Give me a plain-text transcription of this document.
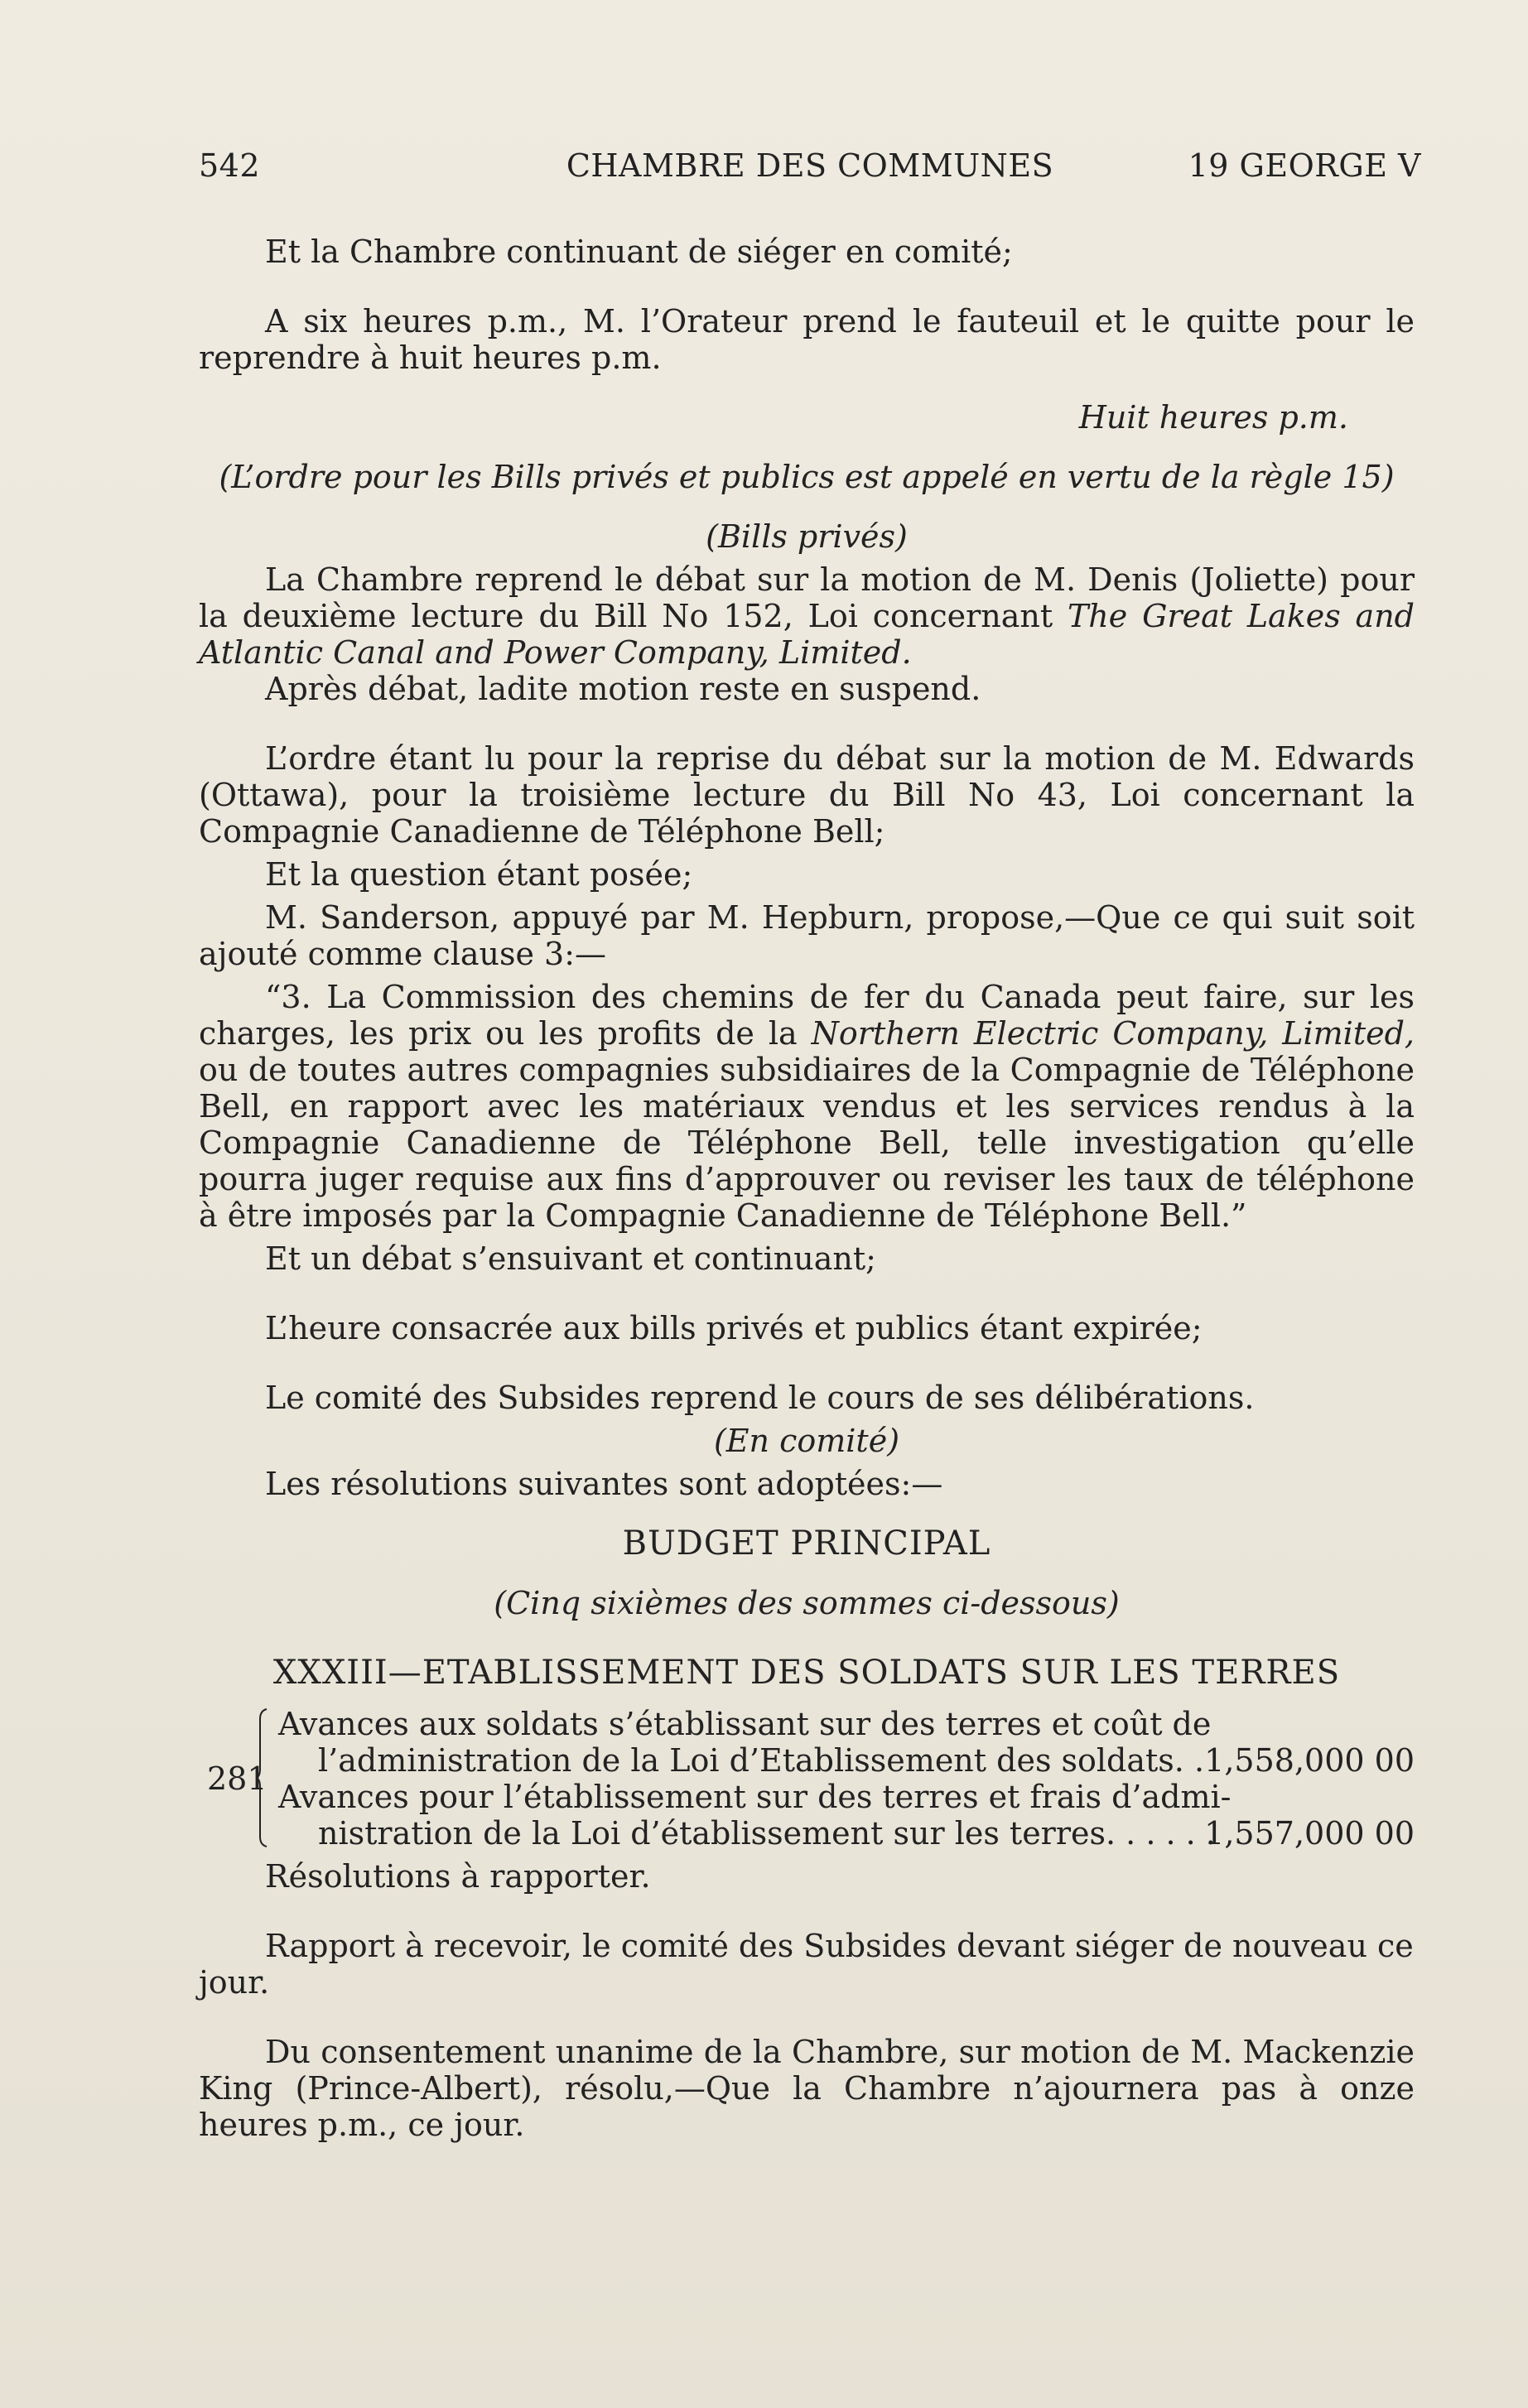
542	CHAMBRE DES COMMUNES	19 GEORGE V

Et la Chambre continuant de siéger en comité;

A six heures p.m., M. l’Orateur prend le fauteuil et le quitte pour le reprendre à huit heures p.m.

Huit heures p.m.

(L’ordre pour les Bills privés et publics est appelé en vertu de la règle 15)

(Bills privés)

La Chambre reprend le débat sur la motion de M. Denis (Joliette) pour la deuxième lecture du Bill No 152, Loi concernant The Great Lakes and Atlantic Canal and Power Company, Limited.

Après débat, ladite motion reste en suspend.

L’ordre étant lu pour la reprise du débat sur la motion de M. Edwards (Ottawa), pour la troisième lecture du Bill No 43, Loi concernant la Compagnie Canadienne de Téléphone Bell;

Et la question étant posée;

M. Sanderson, appuyé par M. Hepburn, propose,—Que ce qui suit soit ajouté comme clause 3:—

“3. La Commission des chemins de fer du Canada peut faire, sur les charges, les prix ou les profits de la Northern Electric Company, Limited, ou de toutes autres compagnies subsidiaires de la Compagnie de Téléphone Bell, en rapport avec les matériaux vendus et les services rendus à la Compagnie Canadienne de Téléphone Bell, telle investigation qu’elle pourra juger requise aux fins d’approuver ou reviser les taux de téléphone à être imposés par la Compagnie Canadienne de Téléphone Bell.”

Et un débat s’ensuivant et continuant;

L’heure consacrée aux bills privés et publics étant expirée;

Le comité des Subsides reprend le cours de ses délibérations.

(En comité)

Les résolutions suivantes sont adoptées:—

BUDGET PRINCIPAL

(Cinq sixièmes des sommes ci-dessous)

XXXIII—ETABLISSEMENT DES SOLDATS SUR LES TERRES

281
Avances aux soldats s’établissant sur des terres et coût de
l’administration de la Loi d’Etablissement des soldats. . 1,558,000 00
Avances pour l’établissement sur des terres et frais d’admi-
nistration de la Loi d’établissement sur les terres. . . . . .
1,557,000 00

Résolutions à rapporter.

Rapport à recevoir, le comité des Subsides devant siéger de nouveau ce jour.

Du consentement unanime de la Chambre, sur motion de M. Mackenzie King (Prince-Albert), résolu,—Que la Chambre n’ajournera pas à onze heures p.m., ce jour.
